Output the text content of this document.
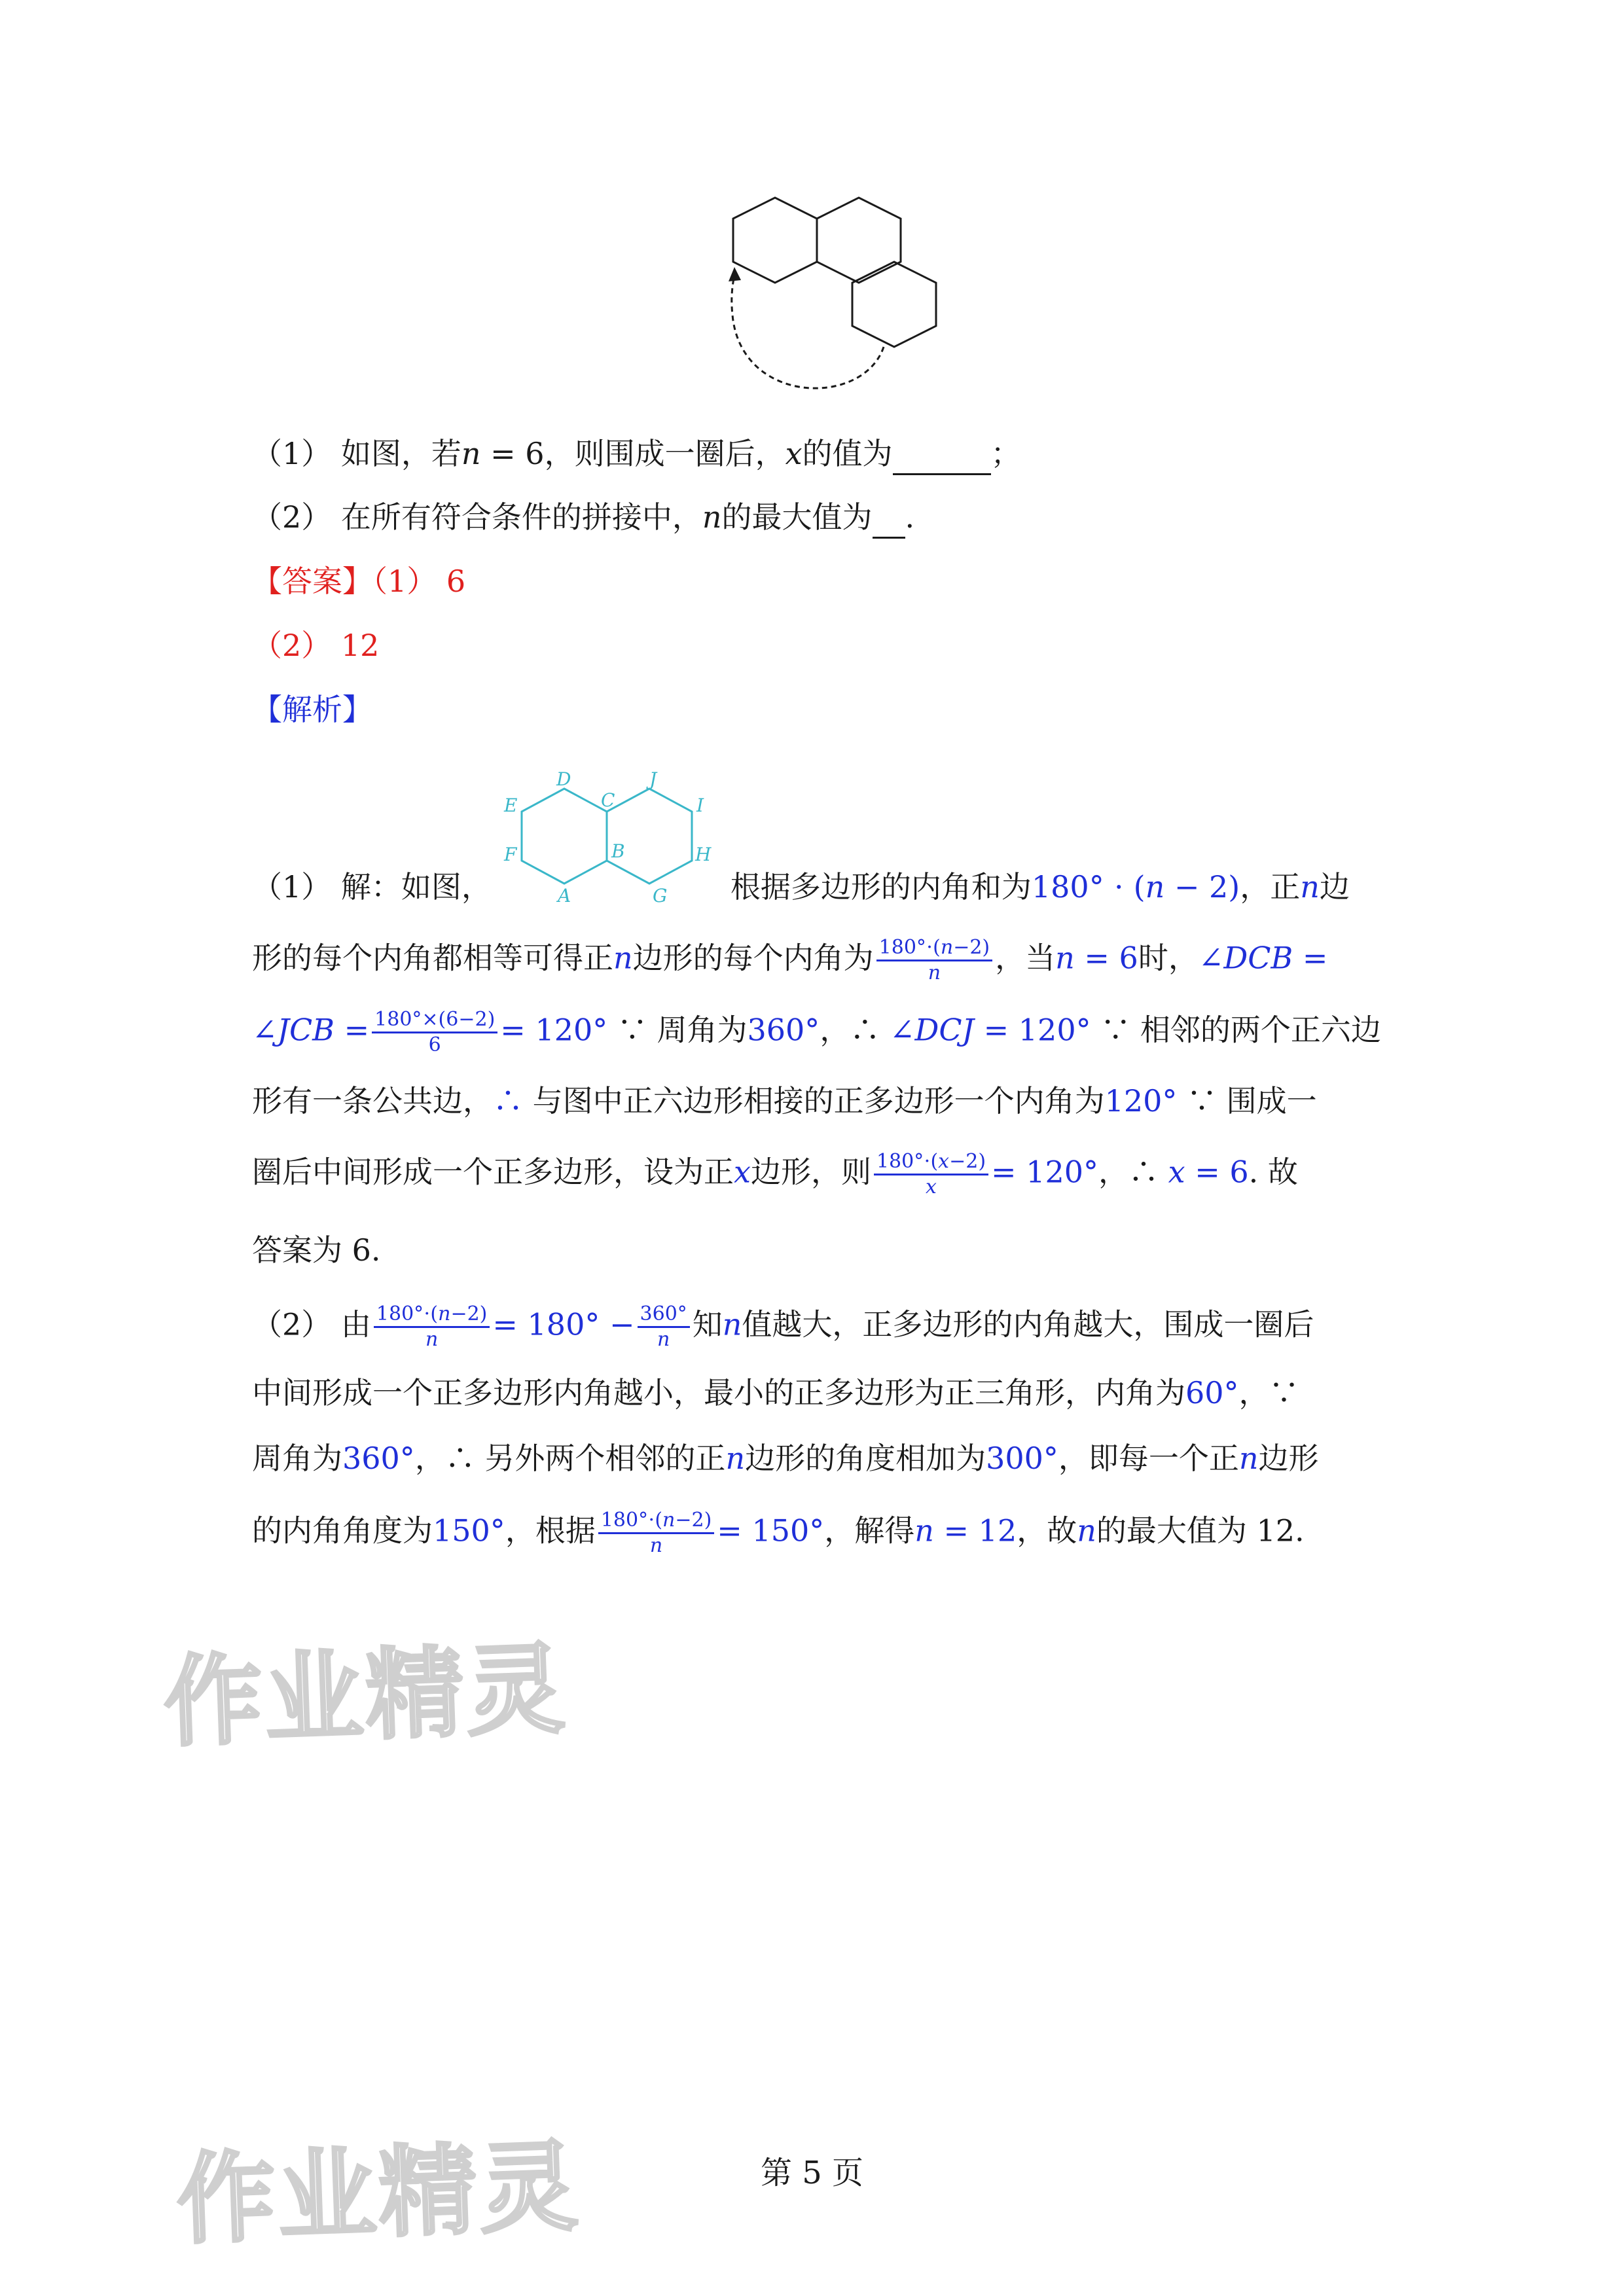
（1） 如图，若𝑛 = 6，则围成一圈后，𝑥的值为	；
（2） 在所有符合条件的拼接中，𝑛的最大值为 .
【答案】（1） 6
（2） 12
【解析】
D
C
J
E	I
B
F	H
A	G
（1） 解：如图，	根据多边形的内角和为180° ⋅ (𝑛 − 2)，正𝑛边
形的每个内角都相等可得正𝑛边形的每个内角为 $\frac{\text{180°⋅(𝑛−2)}}{\text{𝑛}}$ ，当𝑛 = 6时，∠𝐷𝐶𝐵 =
∠𝐽𝐶𝐵 = $\frac{180^\circ\times(6-2)}{6} = 120^\circ$ ∵ 周角为360°，∴ ∠𝐷𝐶𝐽 = 120° ∵ 相邻的两个正六边
形有一条公共边，∴ 与图中正六边形相接的正多边形一个内角为120° ∵ 围成一
圈后中间形成一个正多边形，设为正𝑥边形，则 $\frac{\text{180°⋅(𝑥−2)}}{\text{𝑥}} = 120^\circ$，∴ 𝑥 = 6. 故
答案为 6.
（2） 由 $\frac{\text{180°⋅(𝑛−2)}}{\text{𝑛}} = 180^\circ - \frac{360^\circ}{\text{𝑛}}$ 知𝑛值越大，正多边形的内角越大，围成一圈后
中间形成一个正多边形内角越小，最小的正多边形为正三角形，内角为60°，∵
周角为360°，∴ 另外两个相邻的正𝑛边形的角度相加为300°，即每一个正𝑛边形
的内角角度为150°，根据 $\frac{\text{180°⋅(𝑛−2)}}{\text{𝑛}} = 150^\circ$，解得𝑛 = 12，故𝑛的最大值为 12.
作业精灵
作业精灵	第 5 页
